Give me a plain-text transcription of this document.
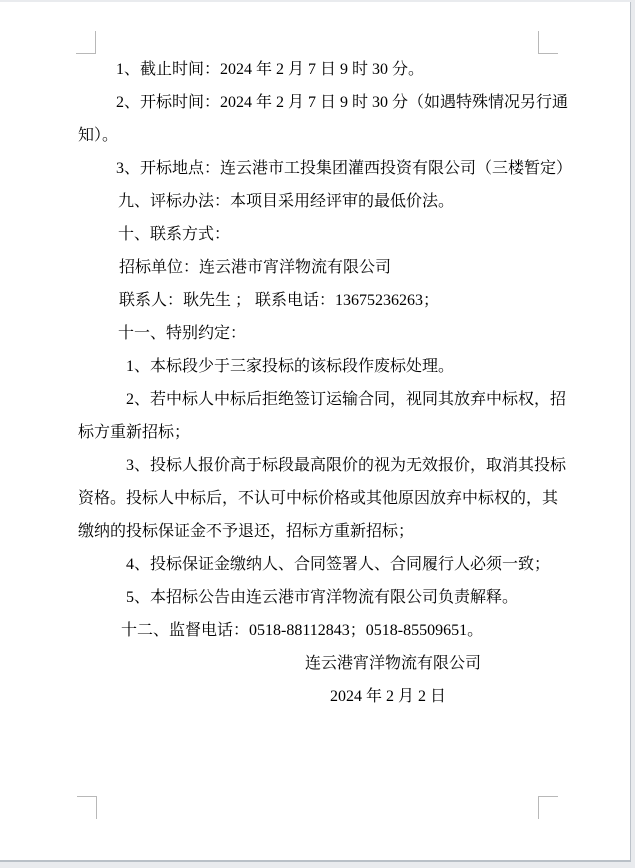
1、截止时间：2024 年 2 月 7 日 9 时 30 分。
2、开标时间：2024 年 2 月 7 日 9 时 30 分（如遇特殊情况另行通
知）。
3、开标地点：连云港市工投集团灌西投资有限公司（三楼暂定）
九、评标办法：本项目采用经评审的最低价法。
十、联系方式：
招标单位：连云港市宵洋物流有限公司
联系人：耿先生 ； 联系电话：13675236263；
十一、特别约定：
1、本标段少于三家投标的该标段作废标处理。
2、若中标人中标后拒绝签订运输合同，视同其放弃中标权，招
标方重新招标；
3、投标人报价高于标段最高限价的视为无效报价，取消其投标
资格。投标人中标后，不认可中标价格或其他原因放弃中标权的，其
缴纳的投标保证金不予退还，招标方重新招标；
4、投标保证金缴纳人、合同签署人、合同履行人必须一致；
5、本招标公告由连云港市宵洋物流有限公司负责解释。
十二、监督电话：0518-88112843；0518-85509651。
连云港宵洋物流有限公司
2024 年 2 月 2 日
